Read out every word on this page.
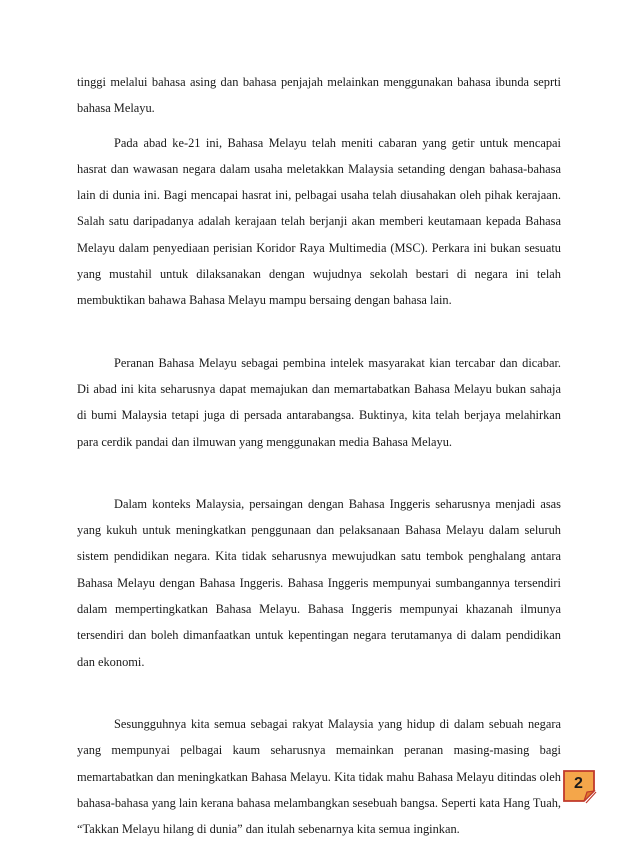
tinggi melalui bahasa asing dan bahasa penjajah melainkan menggunakan bahasa ibunda seprti bahasa Melayu.

Pada abad ke-21 ini, Bahasa Melayu telah meniti cabaran yang getir untuk mencapai hasrat dan wawasan negara dalam usaha meletakkan Malaysia setanding dengan bahasa-bahasa lain di dunia ini. Bagi mencapai hasrat ini, pelbagai usaha telah diusahakan oleh pihak kerajaan. Salah satu daripadanya adalah kerajaan telah berjanji akan memberi keutamaan kepada Bahasa Melayu dalam penyediaan perisian Koridor Raya Multimedia (MSC). Perkara ini bukan sesuatu yang mustahil untuk dilaksanakan dengan wujudnya sekolah bestari di negara ini telah membuktikan bahawa Bahasa Melayu mampu bersaing dengan bahasa lain.

Peranan Bahasa Melayu sebagai pembina intelek masyarakat kian tercabar dan dicabar. Di abad ini kita seharusnya dapat memajukan dan memartabatkan Bahasa Melayu bukan sahaja di bumi Malaysia tetapi juga di persada antarabangsa. Buktinya, kita telah berjaya melahirkan para cerdik pandai dan ilmuwan yang menggunakan media Bahasa Melayu.

Dalam konteks Malaysia, persaingan dengan Bahasa Inggeris seharusnya menjadi asas yang kukuh untuk meningkatkan penggunaan dan pelaksanaan Bahasa Melayu dalam seluruh sistem pendidikan negara. Kita tidak seharusnya mewujudkan satu tembok penghalang antara Bahasa Melayu dengan Bahasa Inggeris. Bahasa Inggeris mempunyai sumbangannya tersendiri dalam mempertingkatkan Bahasa Melayu. Bahasa Inggeris mempunyai khazanah ilmunya tersendiri dan boleh dimanfaatkan untuk kepentingan negara terutamanya di dalam pendidikan dan ekonomi.

Sesungguhnya kita semua sebagai rakyat Malaysia yang hidup di dalam sebuah negara yang mempunyai pelbagai kaum seharusnya memainkan peranan masing-masing bagi memartabatkan dan meningkatkan Bahasa Melayu. Kita tidak mahu Bahasa Melayu ditindas oleh bahasa-bahasa yang lain kerana bahasa melambangkan sesebuah bangsa. Seperti kata Hang Tuah, “Takkan Melayu hilang di dunia” dan itulah sebenarnya kita semua inginkan.

2
